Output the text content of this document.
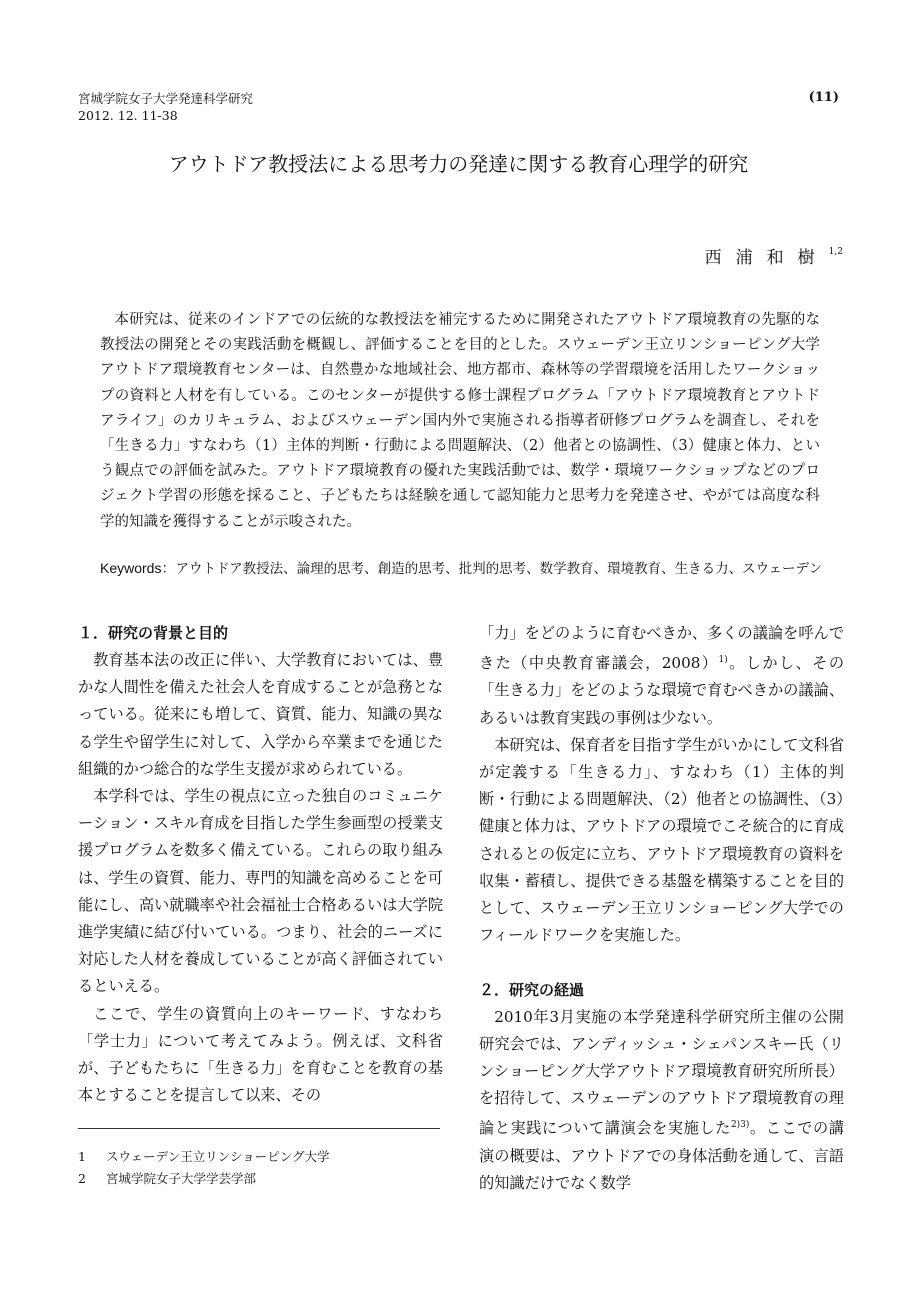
宮城学院女子大学発達科学研究
2012. 12. 11-38
(11)
アウトドア教授法による思考力の発達に関する教育心理学的研究
西浦和樹$^{1,2}$

本研究は、従来のインドアでの伝統的な教授法を補完するために開発されたアウトドア環境教育の先駆的な教授法の開発とその実践活動を概観し、評価することを目的とした。スウェーデン王立リンショーピング大学アウトドア環境教育センターは、自然豊かな地域社会、地方都市、森林等の学習環境を活用したワークショップの資料と人材を有している。このセンターが提供する修士課程プログラム「アウトドア環境教育とアウトドアライフ」のカリキュラム、およびスウェーデン国内外で実施される指導者研修プログラムを調査し、それを「生きる力」すなわち（1）主体的判断・行動による問題解決、（2）他者との協調性、（3）健康と体力、という観点での評価を試みた。アウトドア環境教育の優れた実践活動では、数学・環境ワークショップなどのプロジェクト学習の形態を採ること、子どもたちは経験を通して認知能力と思考力を発達させ、やがては高度な科学的知識を獲得することが示唆された。

Keywords：アウトドア教授法、論理的思考、創造的思考、批判的思考、数学教育、環境教育、生きる力、スウェーデン
１．研究の背景と目的

教育基本法の改正に伴い、大学教育においては、豊かな人間性を備えた社会人を育成することが急務となっている。従来にも増して、資質、能力、知識の異なる学生や留学生に対して、入学から卒業までを通じた組織的かつ総合的な学生支援が求められている。

本学科では、学生の視点に立った独自のコミュニケーション・スキル育成を目指した学生参画型の授業支援プログラムを数多く備えている。これらの取り組みは、学生の資質、能力、専門的知識を高めることを可能にし、高い就職率や社会福祉士合格あるいは大学院進学実績に結び付いている。つまり、社会的ニーズに対応した人材を養成していることが高く評価されているといえる。

ここで、学生の資質向上のキーワード、すなわち「学士力」について考えてみよう。例えば、文科省が、子どもたちに「生きる力」を育むことを教育の基本とすることを提言して以来、その

「力」をどのように育むべきか、多くの議論を呼んできた（中央教育審議会，2008）$^{1)}$。しかし、その「生きる力」をどのような環境で育むべきかの議論、あるいは教育実践の事例は少ない。

本研究は、保育者を目指す学生がいかにして文科省が定義する「生きる力」、すなわち（1）主体的判断・行動による問題解決、（2）他者との協調性、（3）健康と体力は、アウトドアの環境でこそ統合的に育成されるとの仮定に立ち、アウトドア環境教育の資料を収集・蓄積し、提供できる基盤を構築することを目的として、スウェーデン王立リンショーピング大学でのフィールドワークを実施した。

２．研究の経過

2010年3月実施の本学発達科学研究所主催の公開研究会では、アンディッシュ・シェパンスキー氏（リンショーピング大学アウトドア環境教育研究所所長）を招待して、スウェーデンのアウトドア環境教育の理論と実践について講演会を実施した$^{2)3)}$。ここでの講演の概要は、アウトドアでの身体活動を通して、言語的知識だけでなく数学

1 スウェーデン王立リンショーピング大学
2 宮城学院女子大学学芸学部
